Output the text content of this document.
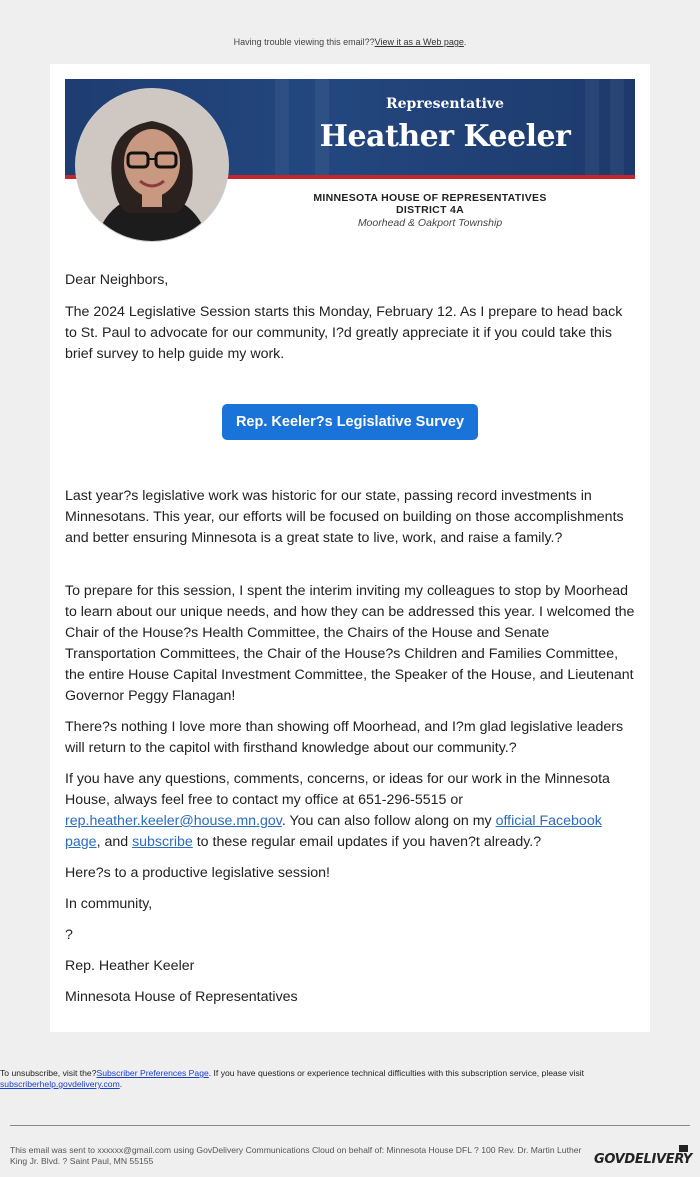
Having trouble viewing this email??View it as a Web page.
Representative
Heather Keeler
MINNESOTA HOUSE OF REPRESENTATIVES
DISTRICT 4A
Moorhead & Oakport Township

Dear Neighbors,

The 2024 Legislative Session starts this Monday, February 12. As I prepare to head back to St. Paul to advocate for our community, I?d greatly appreciate it if you could take this brief survey to help guide my work.

Rep. Keeler?s Legislative Survey

Last year?s legislative work was historic for our state, passing record investments in Minnesotans. This year, our efforts will be focused on building on those accomplishments and better ensuring Minnesota is a great state to live, work, and raise a family.?

To prepare for this session, I spent the interim inviting my colleagues to stop by Moorhead to learn about our unique needs, and how they can be addressed this year. I welcomed the Chair of the House?s Health Committee, the Chairs of the House and Senate Transportation Committees, the Chair of the House?s Children and Families Committee, the entire House Capital Investment Committee, the Speaker of the House, and Lieutenant Governor Peggy Flanagan!

There?s nothing I love more than showing off Moorhead, and I?m glad legislative leaders will return to the capitol with firsthand knowledge about our community.?

If you have any questions, comments, concerns, or ideas for our work in the Minnesota House, always feel free to contact my office at 651-296-5515 or rep.heather.keeler@house.mn.gov. You can also follow along on my official Facebook page, and subscribe to these regular email updates if you haven?t already.?

Here?s to a productive legislative session!

In community,

?

Rep. Heather Keeler

Minnesota House of Representatives

To unsubscribe, visit the?Subscriber Preferences Page. If you have questions or experience technical difficulties with this subscription service, please visit subscriberhelp.govdelivery.com.
This email was sent to xxxxxx@gmail.com using GovDelivery Communications Cloud on behalf of: Minnesota House DFL ? 100 Rev. Dr. Martin Luther King Jr. Blvd. ? Saint Paul, MN 55155	GOVDELIVERY
